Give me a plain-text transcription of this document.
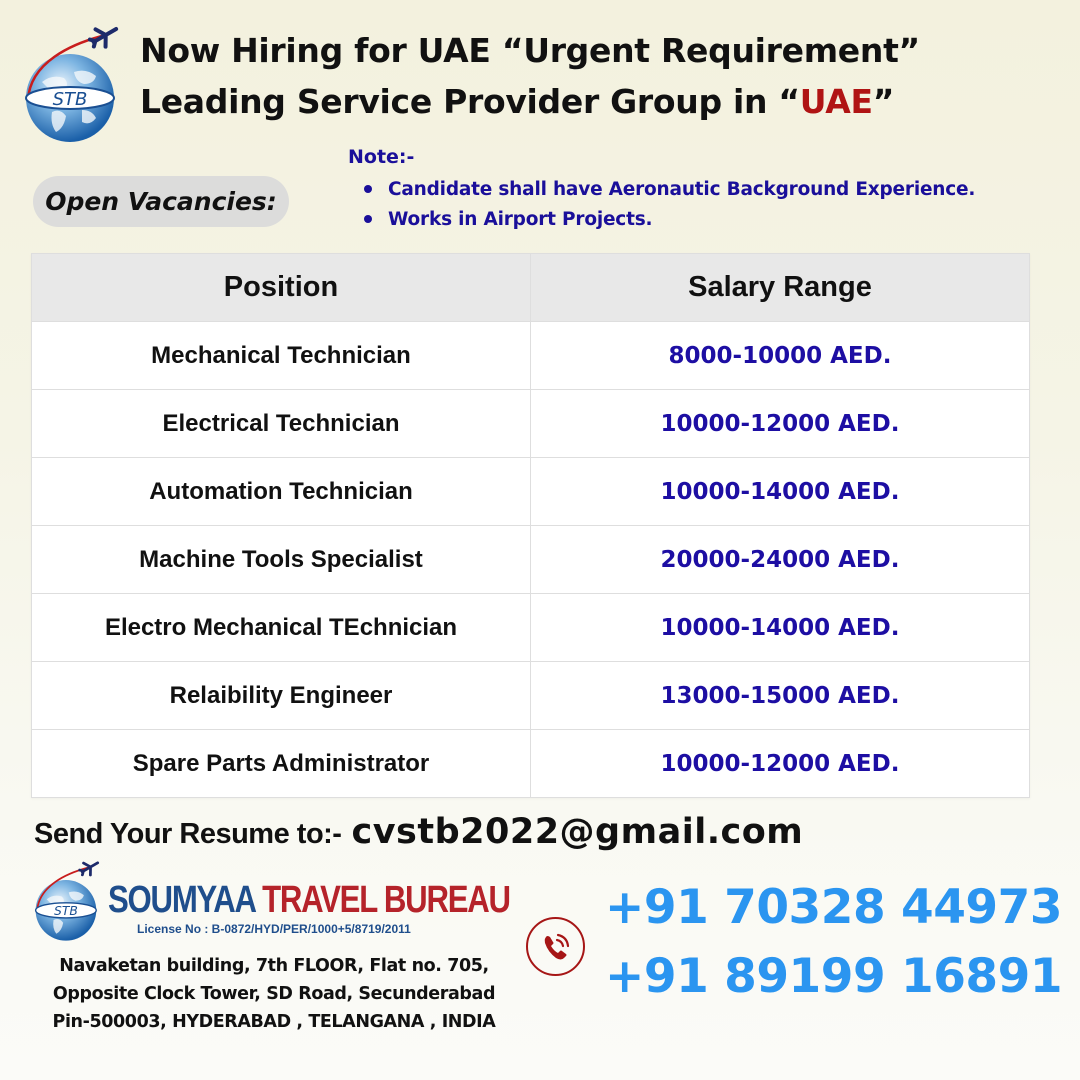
STB
Now Hiring for UAE “Urgent Requirement”
Leading Service Provider Group in “UAE”
Open Vacancies:
Note:-
Candidate shall have Aeronautic Background Experience.
Works in Airport Projects.
Position	Salary Range
Mechanical Technician	8000-10000 AED.
Electrical Technician	10000-12000 AED.
Automation Technician	10000-14000 AED.
Machine Tools Specialist	20000-24000 AED.
Electro Mechanical TEchnician	10000-14000 AED.
Relaibility Engineer	13000-15000 AED.
Spare Parts Administrator	10000-12000 AED.
Send Your Resume to:- cvstb2022@gmail.com
STB SOUMYAA TRAVEL BUREAU
License No : B-0872/HYD/PER/1000+5/8719/2011
Navaketan building, 7th FLOOR, Flat no. 705,
Opposite Clock Tower, SD Road, Secunderabad
Pin-500003, HYDERABAD , TELANGANA , INDIA
+91 70328 44973
+91 89199 16891
